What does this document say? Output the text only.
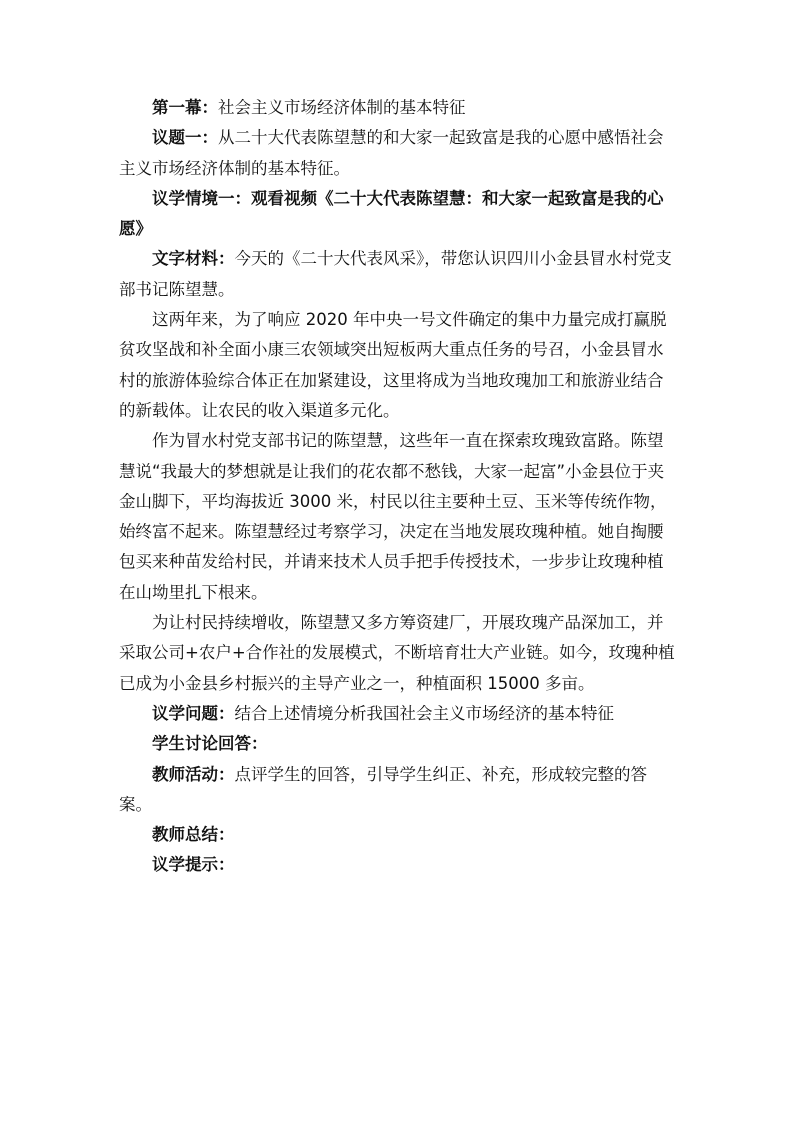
第一幕：社会主义市场经济体制的基本特征

议题一：从二十大代表陈望慧的和大家一起致富是我的心愿中感悟社会主义市场经济体制的基本特征。

议学情境一：观看视频《二十大代表陈望慧：和大家一起致富是我的心愿》

文字材料：今天的《二十大代表风采》，带您认识四川小金县冒水村党支部书记陈望慧。

这两年来，为了响应 2020 年中央一号文件确定的集中力量完成打赢脱贫攻坚战和补全面小康三农领域突出短板两大重点任务的号召，小金县冒水村的旅游体验综合体正在加紧建设，这里将成为当地玫瑰加工和旅游业结合的新载体。让农民的收入渠道多元化。

作为冒水村党支部书记的陈望慧，这些年一直在探索玫瑰致富路。陈望慧说“我最大的梦想就是让我们的花农都不愁钱，大家一起富”小金县位于夹金山脚下，平均海拔近 3000 米，村民以往主要种土豆、玉米等传统作物，始终富不起来。陈望慧经过考察学习，决定在当地发展玫瑰种植。她自掏腰包买来种苗发给村民，并请来技术人员手把手传授技术，一步步让玫瑰种植在山坳里扎下根来。

为让村民持续增收，陈望慧又多方筹资建厂，开展玫瑰产品深加工，并采取公司+农户+合作社的发展模式，不断培育壮大产业链。如今，玫瑰种植已成为小金县乡村振兴的主导产业之一，种植面积 15000 多亩。

议学问题：结合上述情境分析我国社会主义市场经济的基本特征

学生讨论回答：

教师活动：点评学生的回答，引导学生纠正、补充，形成较完整的答案。

教师总结：

议学提示：
